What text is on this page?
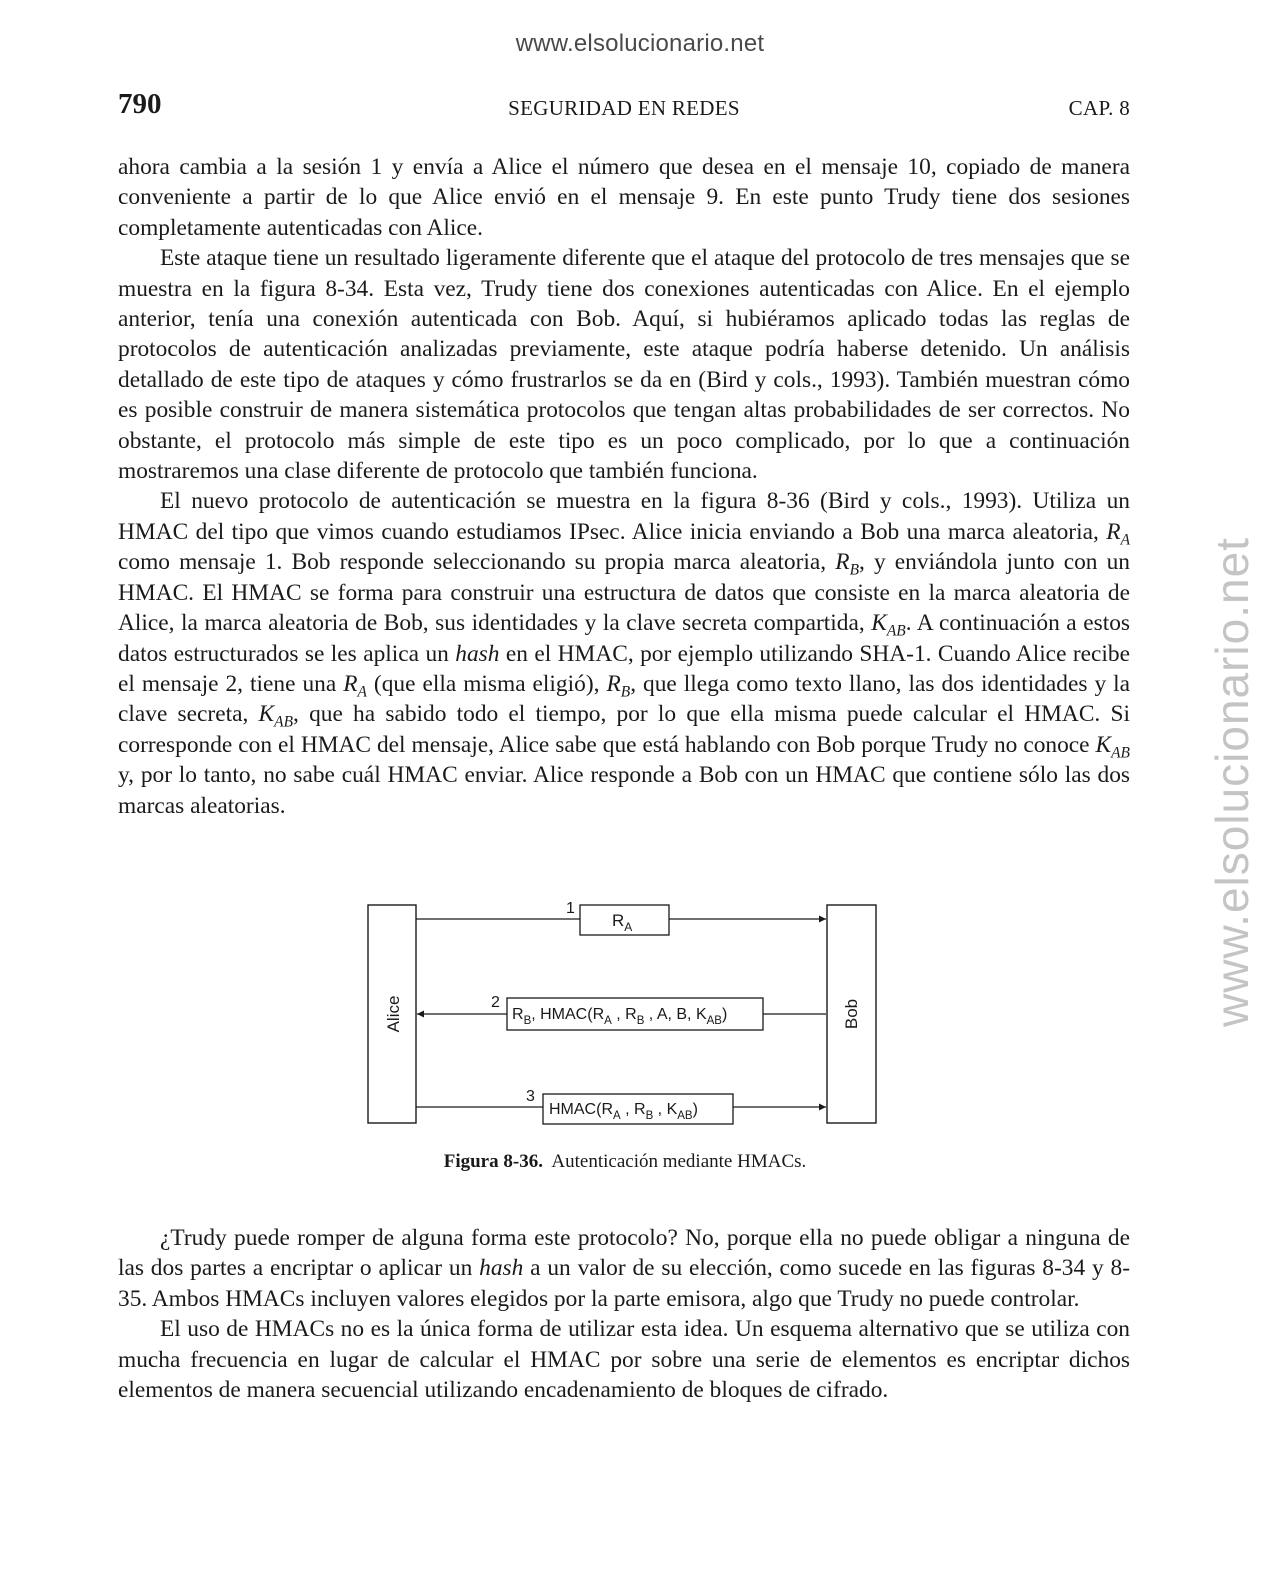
www.elsolucionario.net
www.elsolucionario.net
SEGURIDAD EN REDES
790	CAP. 8

ahora cambia a la sesión 1 y envía a Alice el número que desea en el mensaje 10, copiado de manera conveniente a partir de lo que Alice envió en el mensaje 9. En este punto Trudy tiene dos sesiones completamente autenticadas con Alice.

Este ataque tiene un resultado ligeramente diferente que el ataque del protocolo de tres mensajes que se muestra en la figura 8-34. Esta vez, Trudy tiene dos conexiones autenticadas con Alice. En el ejemplo anterior, tenía una conexión autenticada con Bob. Aquí, si hubiéramos aplicado todas las reglas de protocolos de autenticación analizadas previamente, este ataque podría haberse detenido. Un análisis detallado de este tipo de ataques y cómo frustrarlos se da en (Bird y cols., 1993). También muestran cómo es posible construir de manera sistemática protocolos que tengan altas probabilidades de ser correctos. No obstante, el protocolo más simple de este tipo es un poco complicado, por lo que a continuación mostraremos una clase diferente de protocolo que también funciona.

El nuevo protocolo de autenticación se muestra en la figura 8-36 (Bird y cols., 1993). Utiliza un HMAC del tipo que vimos cuando estudiamos IPsec. Alice inicia enviando a Bob una marca aleatoria, $R_A$ como mensaje 1. Bob responde seleccionando su propia marca aleatoria, $R_B$, y enviándola junto con un HMAC. El HMAC se forma para construir una estructura de datos que consiste en la marca aleatoria de Alice, la marca aleatoria de Bob, sus identidades y la clave secreta compartida, $K_{AB}$. A continuación a estos datos estructurados se les aplica un hash en el HMAC, por ejemplo utilizando SHA-1. Cuando Alice recibe el mensaje 2, tiene una $R_A$ (que ella misma eligió), $R_B$, que llega como texto llano, las dos identidades y la clave secreta, $K_{AB}$, que ha sabido todo el tiempo, por lo que ella misma puede calcular el HMAC. Si corresponde con el HMAC del mensaje, Alice sabe que está hablando con Bob porque Trudy no conoce $K_{AB}$ y, por lo tanto, no sabe cuál HMAC enviar. Alice responde a Bob con un HMAC que contiene sólo las dos marcas aleatorias.

Alice	Bob
1
$R_A$
2
$R_B$, $HMAC(R_A$ , $R_B$ , A, B, $K_{AB}$)
3
$HMAC(R_A$ , $R_B$ , $K_{AB}$)
Figura 8-36. Autenticación mediante HMACs.

¿Trudy puede romper de alguna forma este protocolo? No, porque ella no puede obligar a ninguna de las dos partes a encriptar o aplicar un hash a un valor de su elección, como sucede en las figuras 8-34 y 8-35. Ambos HMACs incluyen valores elegidos por la parte emisora, algo que Trudy no puede controlar.

El uso de HMACs no es la única forma de utilizar esta idea. Un esquema alternativo que se utiliza con mucha frecuencia en lugar de calcular el HMAC por sobre una serie de elementos es encriptar dichos elementos de manera secuencial utilizando encadenamiento de bloques de cifrado.
